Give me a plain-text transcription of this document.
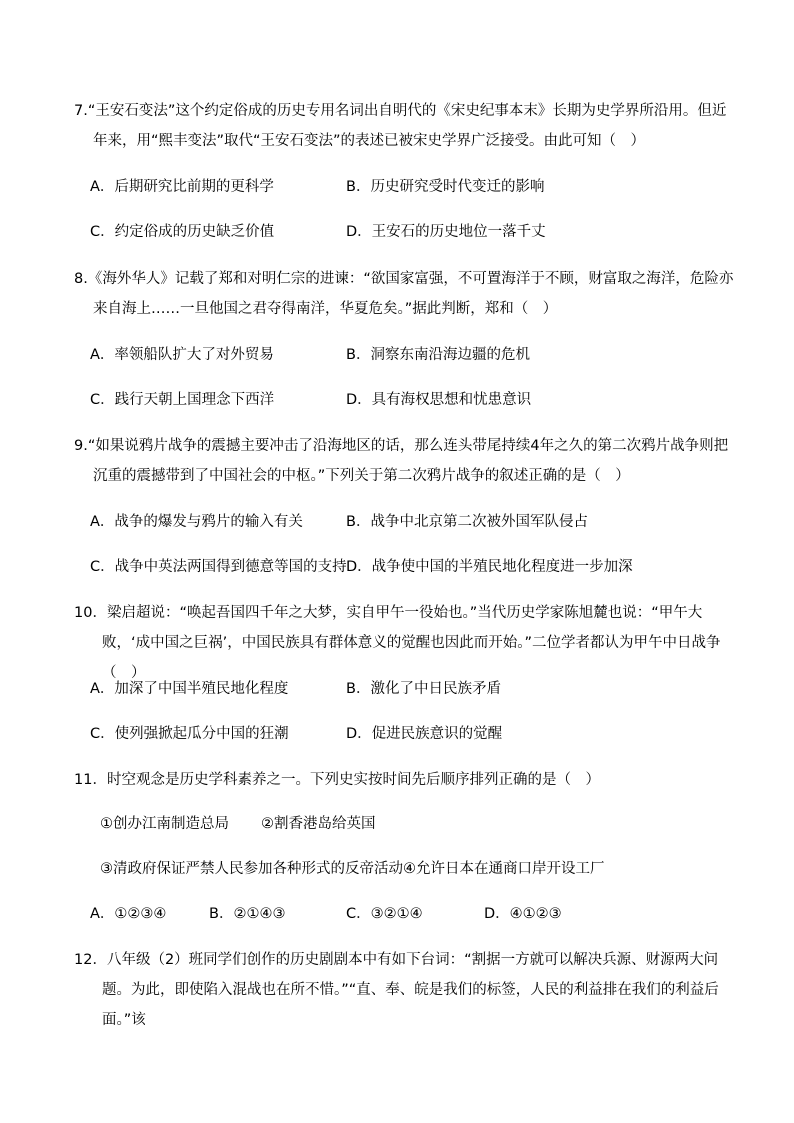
7.“王安石变法”这个约定俗成的历史专用名词出自明代的《宋史纪事本末》长期为史学界所沿用。但近年来，用“熙丰变法”取代“王安石变法”的表述已被宋史学界广泛接受。由此可知（　）

A．后期研究比前期的更科学	B．历史研究受时代变迁的影响
C．约定俗成的历史缺乏价值	D．王安石的历史地位一落千丈

8.《海外华人》记载了郑和对明仁宗的进谏：“欲国家富强，不可置海洋于不顾，财富取之海洋，危险亦来自海上……一旦他国之君夺得南洋，华夏危矣。”据此判断，郑和（　）

A．率领船队扩大了对外贸易	B．洞察东南沿海边疆的危机
C．践行天朝上国理念下西洋	D．具有海权思想和忧患意识

9.“如果说鸦片战争的震撼主要冲击了沿海地区的话，那么连头带尾持续4年之久的第二次鸦片战争则把沉重的震撼带到了中国社会的中枢。”下列关于第二次鸦片战争的叙述正确的是（　）

A．战争的爆发与鸦片的输入有关	B．战争中北京第二次被外国军队侵占
C．战争中英法两国得到德意等国的支持 D．战争使中国的半殖民地化程度进一步加深

10．梁启超说：“唤起吾国四千年之大梦，实自甲午一役始也。”当代历史学家陈旭麓也说：“甲午大败，‘成中国之巨祸’，中国民族具有群体意义的觉醒也因此而开始。”二位学者都认为甲午中日战争（　）

A．加深了中国半殖民地化程度	B．激化了中日民族矛盾
C．使列强掀起瓜分中国的狂潮	D．促进民族意识的觉醒

11．时空观念是历史学科素养之一。下列史实按时间先后顺序排列正确的是（　）

①创办江南制造总局 ②割香港岛给英国
③清政府保证严禁人民参加各种形式的反帝活动④允许日本在通商口岸开设工厂
A．①②③④	B．②①④③	C．③②①④	D．④①②③

12．八年级（2）班同学们创作的历史剧剧本中有如下台词：“割据一方就可以解决兵源、财源两大问题。为此，即使陷入混战也在所不惜。”“直、奉、皖是我们的标签，人民的利益排在我们的利益后面。”该
